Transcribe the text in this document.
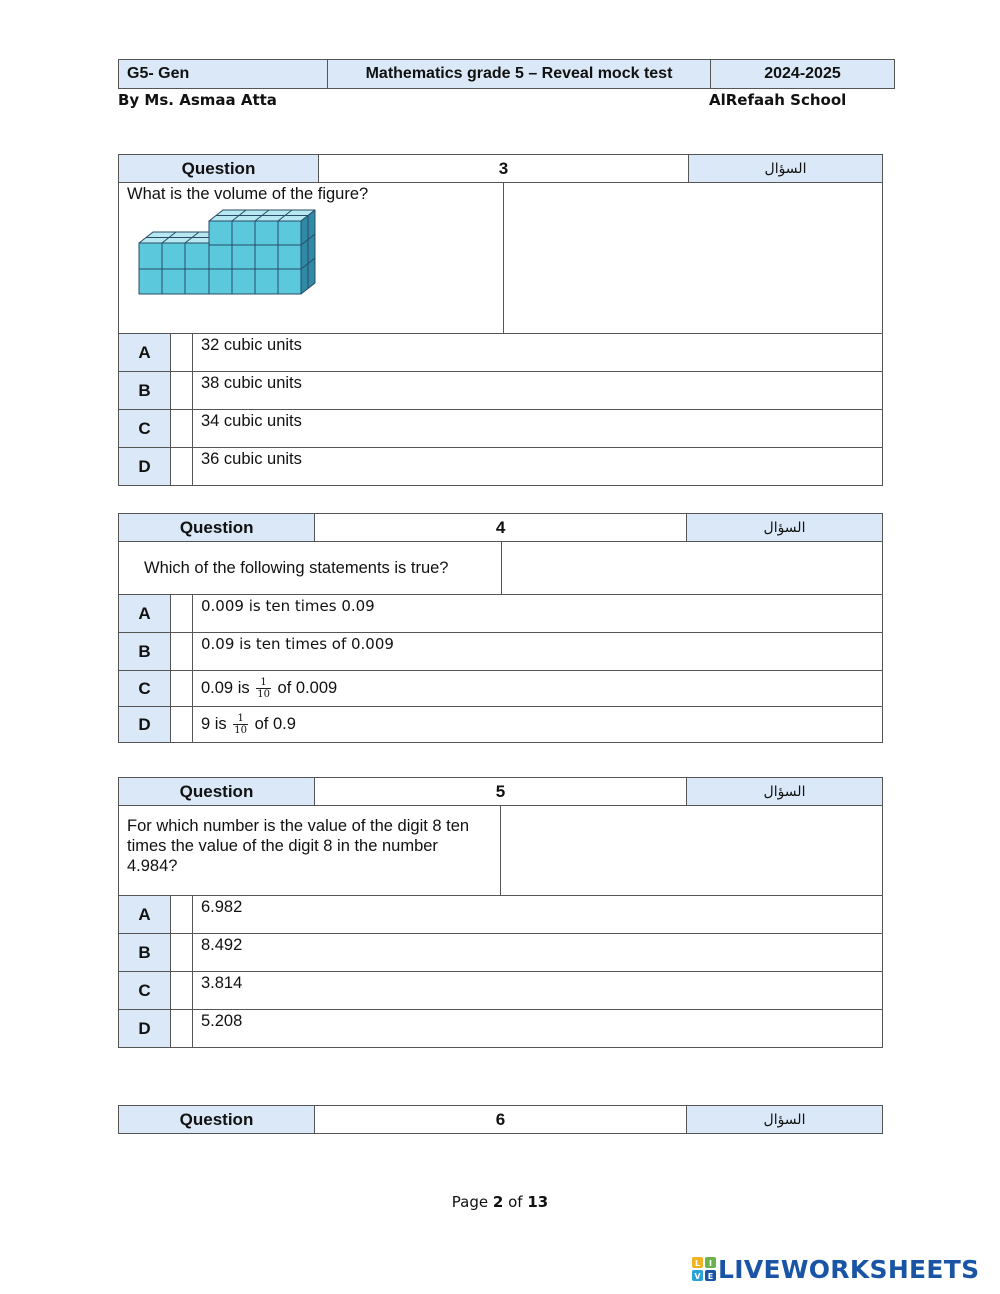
G5- Gen	Mathematics grade 5 – Reveal mock test	2024-2025
By Ms. Asmaa Atta	AlRefaah School
Question			3		السؤال

What is the volume of the figure?					

A		32 cubic units			
B		38 cubic units			
C		34 cubic units			
D		36 cubic units			
Question			4		السؤال
Which of the following statements is true?					
A		0.009 is ten times 0.09			
B		0.09 is ten times of 0.009			
C		0.09 is $\frac{1}{10}$ of 0.009			
D		9 is $\frac{1}{10}$ of 0.9			
Question			5		السؤال
For which number is the value of the digit 8 ten times the value of the digit 8 in the number 4.984?					
A		6.982			
B		8.492			
C		3.814			
D		5.208			
Question	6	السؤال
Page 2 of 13
L I
V E LIVEWORKSHEETS
